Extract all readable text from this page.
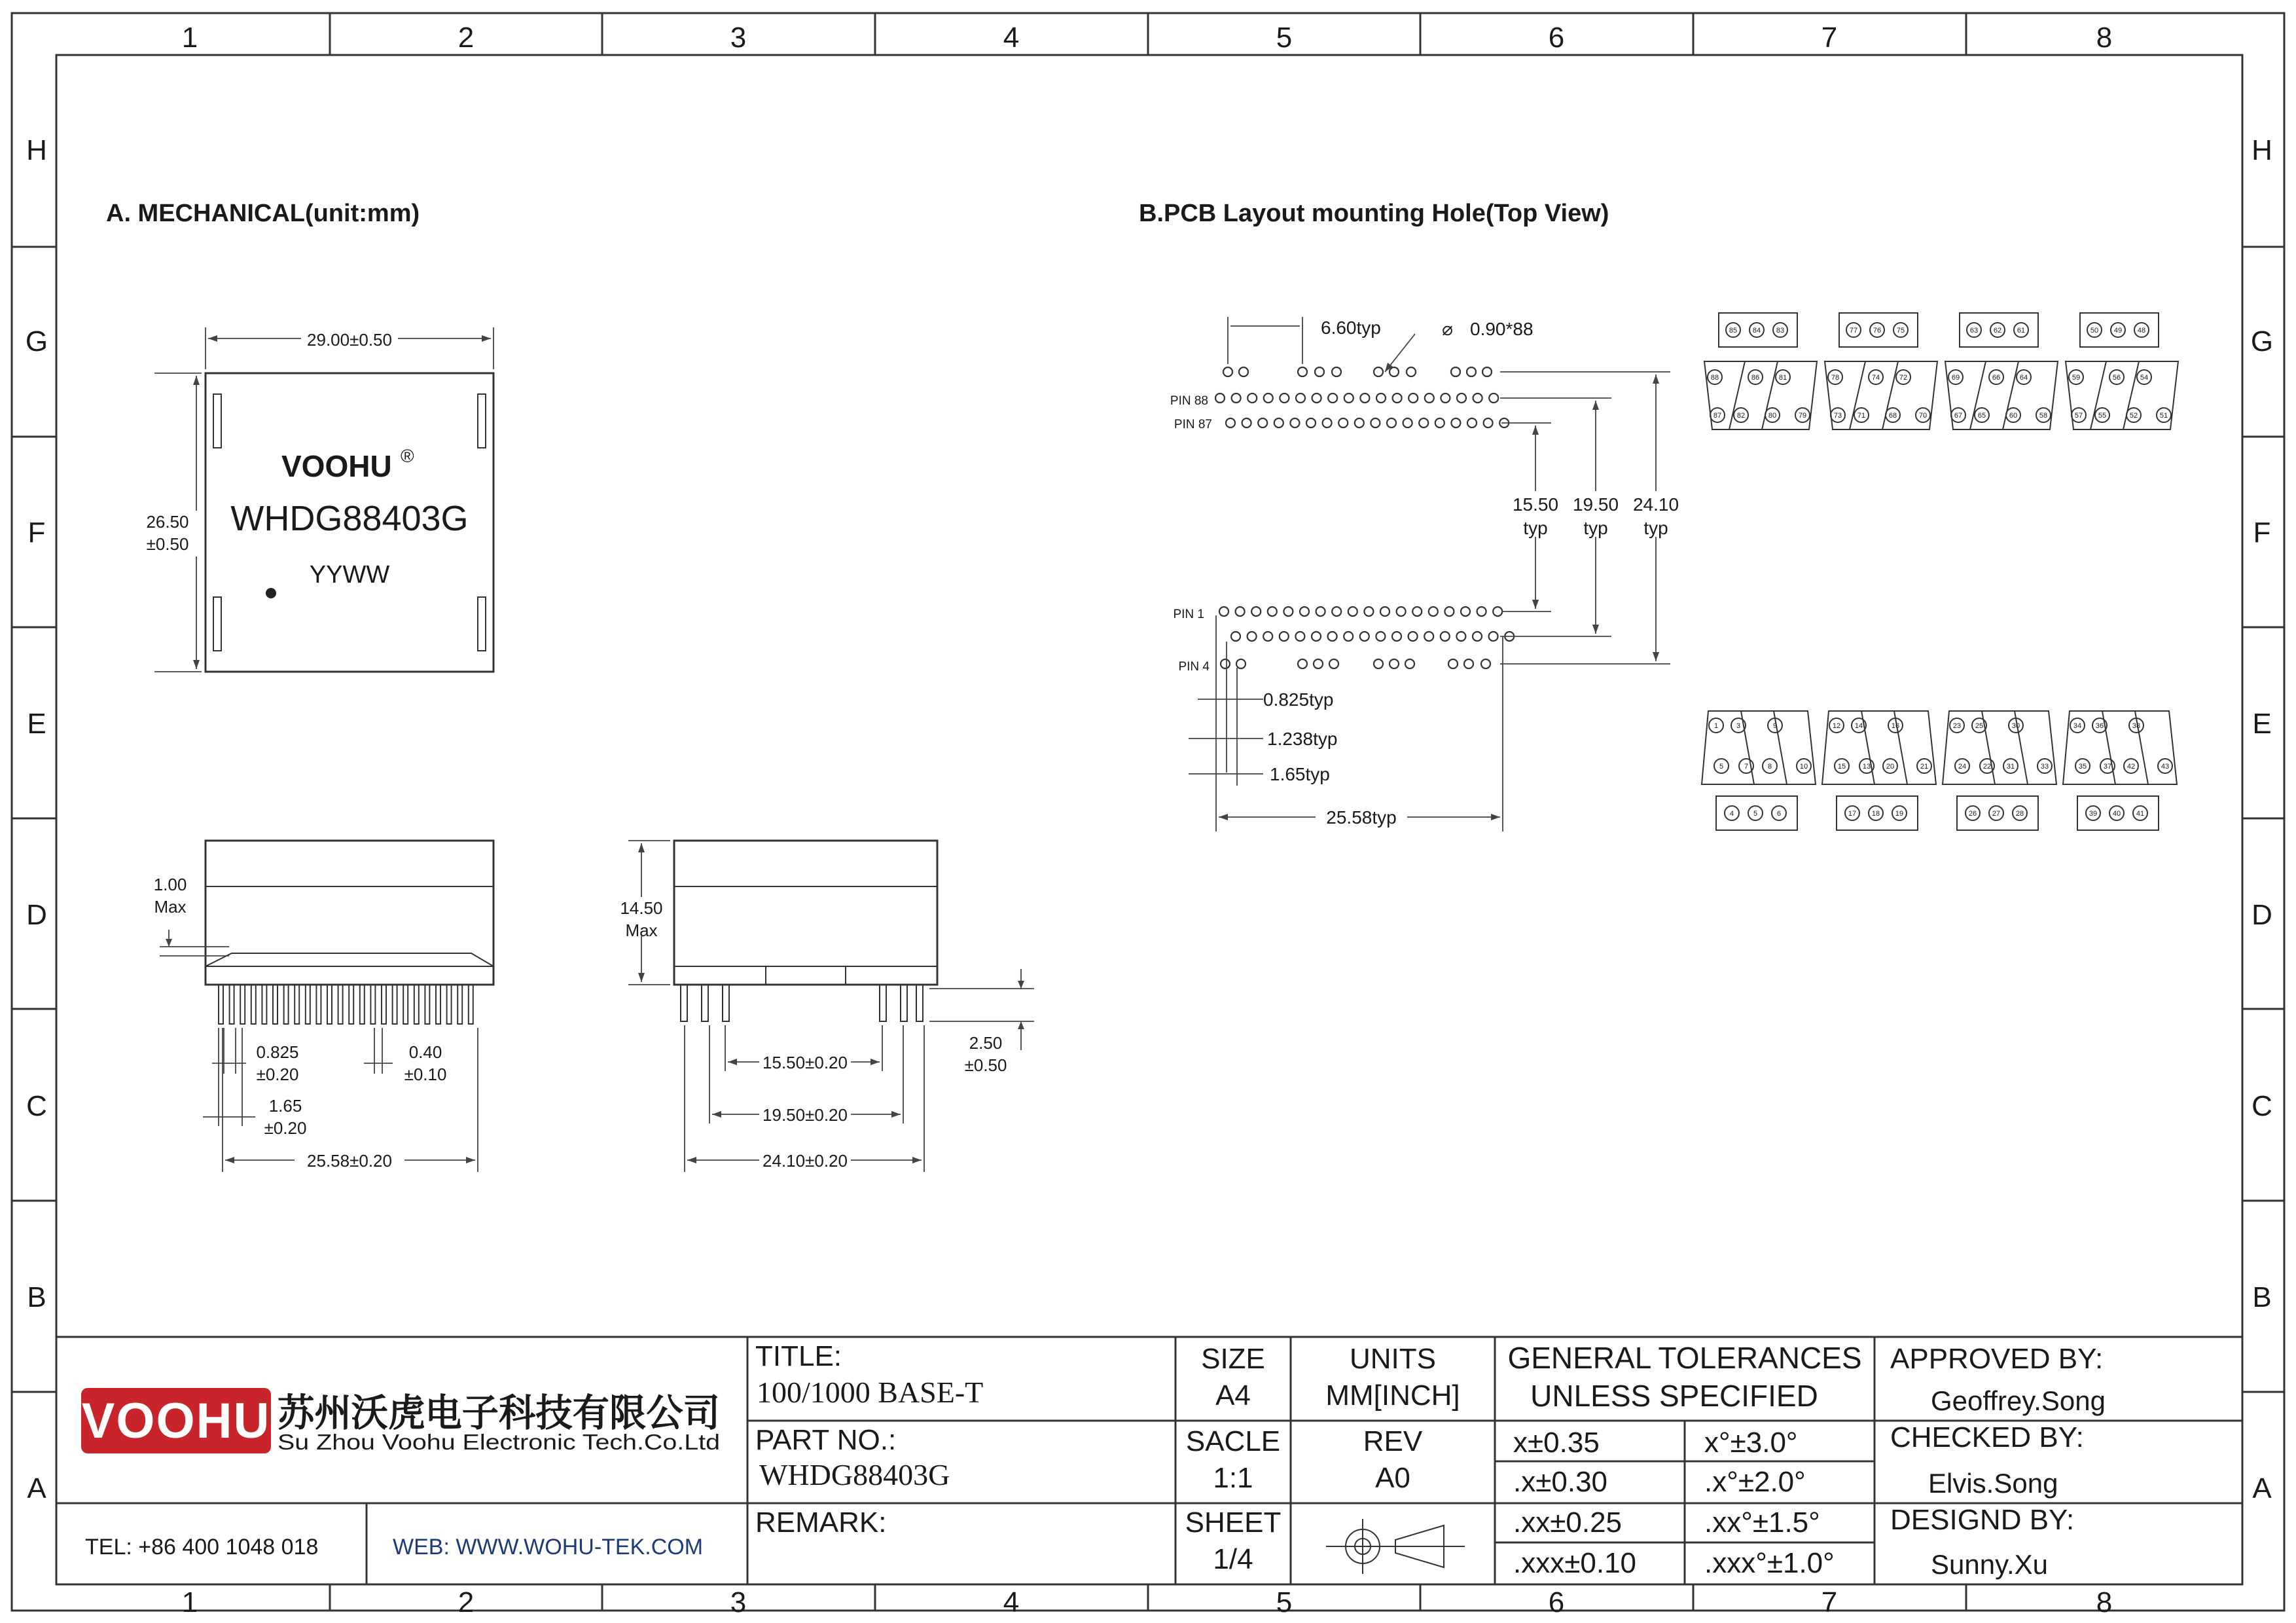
1
1
2
2
3
3
4
4
5
5
6
6
7
7
8
8
H	H
G	G
F	F
E	E
D	D
C	C
B	B
A	A
A. MECHANICAL(unit:mm)	B.PCB Layout mounting Hole(Top View)
VOOHU ®
WHDG88403G
YYWW
29.00±0.50
26.50
±0.50
1.00
Max
0.825
±0.20
0.40
±0.10
1.65
±0.20
25.58±0.20
14.50
Max
2.50
±0.50
15.50±0.20
19.50±0.20
24.10±0.20
PIN 88
PIN 87
PIN 1
PIN 4
6.60typ	⌀ 0.90*88
15.50
typ
19.50
typ
24.10
typ
0.825typ
1.238typ
1.65typ
25.58typ
85 84 83
88	86
87 82	80
81
79
77 76 75
78	74
73 71	68
72
70
63 62 61
69	66
67 65	60
64
58
50 49 48
59	56
57 55	52
54
51
1	3
5	7	8
9
10
4	5	6
12 14
15 13 20
16
21
17 18 19
23 25
24 22 31
30
33
26 27 28
34 36
35 37 42
38
43
39 40 41
VOOHU 苏州沃虎电子科技有限公司
Su Zhou Voohu Electronic Tech.Co.Ltd
TEL: +86 400 1048 018	WEB: WWW.WOHU-TEK.COM
TITLE:
100/1000 BASE-T
PART NO.:
WHDG88403G
REMARK:
SIZE
A4
UNITS
MM[INCH]
SACLE
1:1
REV
A0
SHEET
1/4
GENERAL TOLERANCES
UNLESS SPECIFIED
x±0.35	x°±3.0°
.x±0.30	.x°±2.0°
.xx±0.25	.xx°±1.5°
.xxx±0.10 .xxx°±1.0°
APPROVED BY:
Geoffrey.Song
CHECKED BY:
Elvis.Song
DESIGND BY:
Sunny.Xu
